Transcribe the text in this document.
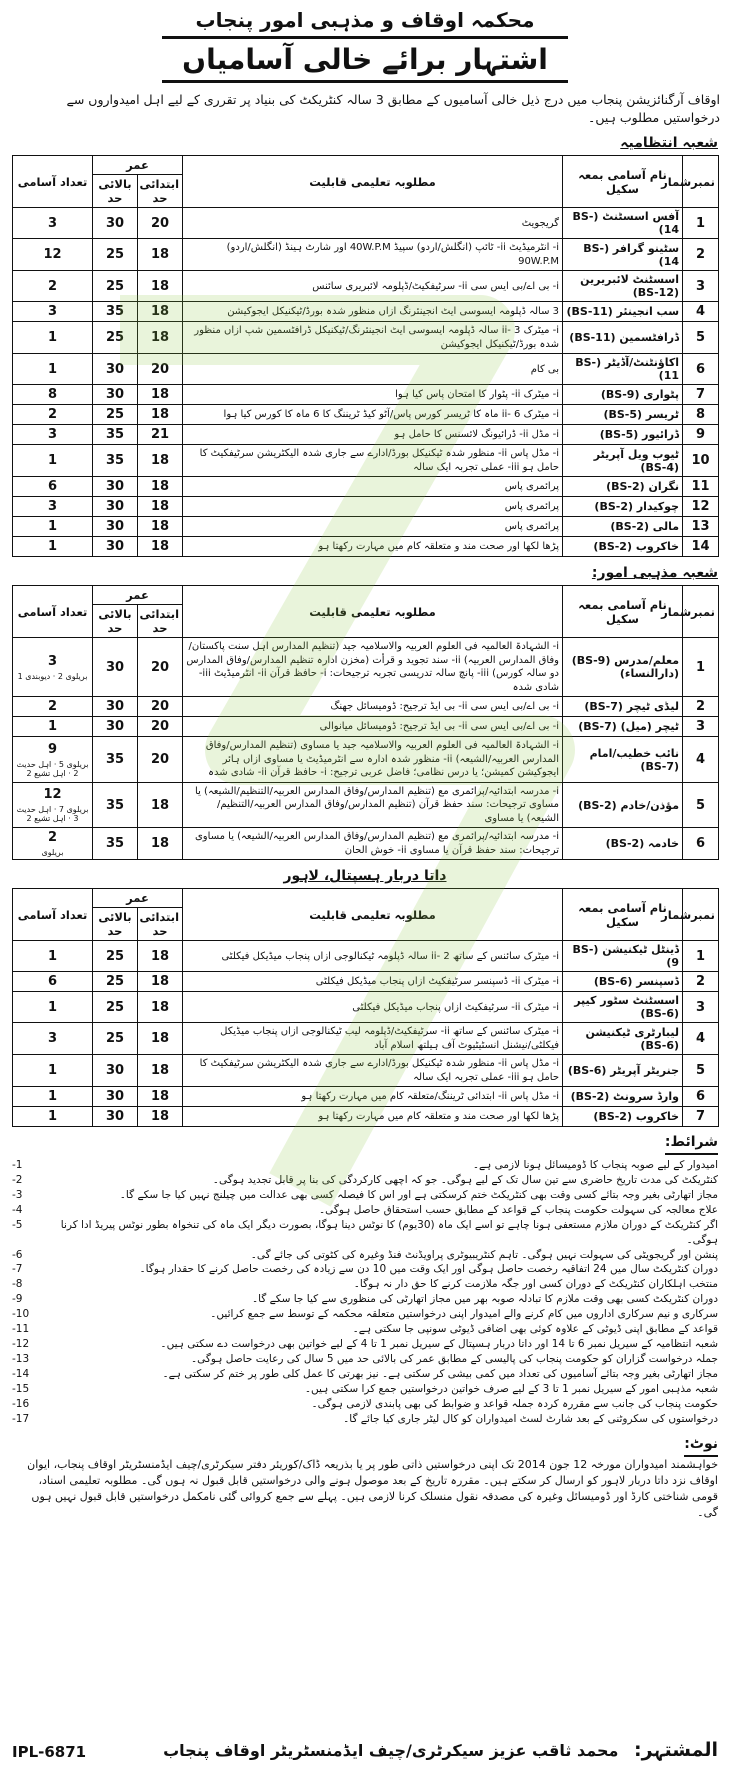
محکمہ اوقاف و مذہبی امور پنجاب
اشتہار برائے خالی آسامیاں
اوقاف آرگنائزیشن پنجاب میں درج ذیل خالی آسامیوں کے مطابق 3 سالہ کنٹریکٹ کی بنیاد پر تقرری کے لیے اہل امیدواروں سے درخواستیں مطلوب ہیں۔
شعبہ انتظامیہ
نمبرشمار	نام آسامی بمعہ سکیل	مطلوبہ تعلیمی قابلیت	عمر		تعداد آسامی
			ابتدائی حد	بالائی حد	
1	آفس اسسٹنٹ (BS-14)	گریجویٹ	20	30	3
2	سٹینو گرافر (BS-14)	i- انٹرمیڈیٹ ii- ٹائپ (انگلش/اردو) سپیڈ 40W.P.M اور شارٹ ہینڈ (انگلش/اردو) 90W.P.M	18	25	12
3	اسسٹنٹ لائبریرین (BS-12)	i- بی اے/بی ایس سی ii- سرٹیفکیٹ/ڈپلومہ لائبریری سائنس	18	25	2
4	سب انجینئر (BS-11)	3 سالہ ڈپلومہ ایسوسی ایٹ انجینئرنگ ازاں منظور شدہ بورڈ/ٹیکنیکل ایجوکیشن	18	35	3
5	ڈرافٹسمین (BS-11)	i- میٹرک ii- 3 سالہ ڈپلومہ ایسوسی ایٹ انجینئرنگ/ٹیکنیکل ڈرافٹسمین شپ ازاں منظور شدہ بورڈ/ٹیکنیکل ایجوکیشن	18	25	1
6	اکاؤنٹنٹ/آڈیٹر (BS-11)	بی کام	20	30	1
7	پٹواری (BS-9)	i- میٹرک ii- پٹوار کا امتحان پاس کیا ہوا	18	30	8
8	ٹریسر (BS-5)	i- میٹرک ii- 6 ماہ کا ٹریسر کورس پاس/آٹو کیڈ ٹریننگ کا 6 ماہ کا کورس کیا ہوا	18	25	2
9	ڈرائیور (BS-5)	i- مڈل ii- ڈرائیونگ لائسنس کا حامل ہو	21	35	3
10	ٹیوب ویل آپریٹر (BS-4)	i- مڈل پاس ii- منظور شدہ ٹیکنیکل بورڈ/ادارے سے جاری شدہ الیکٹریشن سرٹیفکیٹ کا حامل ہو iii- عملی تجربہ ایک سالہ	18	35	1
11	نگران (BS-2)	پرائمری پاس	18	30	6
12	چوکیدار (BS-2)	پرائمری پاس	18	30	3
13	مالی (BS-2)	پرائمری پاس	18	30	1
14	خاکروب (BS-2)	پڑھا لکھا اور صحت مند و متعلقہ کام میں مہارت رکھتا ہو	18	30	1
شعبہ مذہبی امور:
نمبرشمار	نام آسامی بمعہ سکیل	مطلوبہ تعلیمی قابلیت	عمر		تعداد آسامی
			ابتدائی حد	بالائی حد	
1	معلم/مدرس (BS-9) (دارالنساء)	i- الشہادۃ العالمیہ فی العلوم العربیہ والاسلامیہ جید (تنظیم المدارس اہل سنت پاکستان/وفاق المدارس العربیہ) ii- سند تجوید و قرأت (مخزن ادارہ تنظیم المدارس/وفاق المدارس دو سالہ کورس) iii- پانچ سالہ تدریسی تجربہ ترجیحات: i- حافظ قرآن ii- انٹرمیڈیٹ iii- شادی شدہ	20	30	3
بریلوی 2 · دیوبندی 1

2	لیڈی ٹیچر (BS-7)	i- بی اے/بی ایس سی ii- بی ایڈ ترجیح: ڈومیسائل جھنگ	20	30	2
3	ٹیچر (میل) (BS-7)	i- بی اے/بی ایس سی ii- بی ایڈ ترجیح: ڈومیسائل میانوالی	20	30	1
4	نائب خطیب/امام (BS-7)	i- الشہادۃ العالمیہ فی العلوم العربیہ والاسلامیہ جید یا مساوی (تنظیم المدارس/وفاق المدارس العربیہ/الشیعہ) ii- منظور شدہ ادارہ سے انٹرمیڈیٹ یا مساوی ازاں ہائر ایجوکیشن کمیشن؛ یا درس نظامی؛ فاضل عربی ترجیح: i- حافظ قرآن ii- شادی شدہ	20	35	9
بریلوی 5 · اہل حدیث 2 · اہل تشیع 2

5	مؤذن/خادم (BS-2)	i- مدرسہ ابتدائیہ/پرائمری مع (تنظیم المدارس/وفاق المدارس العربیہ/التنظیم/الشیعہ) یا مساوی ترجیحات: سند حفظ قرآن (تنظیم المدارس/وفاق المدارس العربیہ/التنظیم/الشیعہ) یا مساوی	18	35	12
بریلوی 7 · اہل حدیث 3 · اہل تشیع 2

6	خادمہ (BS-2)	i- مدرسہ ابتدائیہ/پرائمری مع (تنظیم المدارس/وفاق المدارس العربیہ/الشیعہ) یا مساوی ترجیحات: سند حفظ قرآن یا مساوی ii- خوش الحان	18	35	2
بریلوی
داتا دربار ہسپتال، لاہور
نمبرشمار	نام آسامی بمعہ سکیل	مطلوبہ تعلیمی قابلیت	عمر		تعداد آسامی
			ابتدائی حد	بالائی حد	
1	ڈینٹل ٹیکنیشن (BS-9)	i- میٹرک سائنس کے ساتھ ii- 2 سالہ ڈپلومہ ٹیکنالوجی ازاں پنجاب میڈیکل فیکلٹی	18	25	1
2	ڈسپنسر (BS-6)	i- میٹرک ii- ڈسپنسر سرٹیفکیٹ ازاں پنجاب میڈیکل فیکلٹی	18	25	6
3	اسسٹنٹ سٹور کیپر (BS-6)	i- میٹرک ii- سرٹیفکیٹ ازاں پنجاب میڈیکل فیکلٹی	18	25	1
4	لیبارٹری ٹیکنیشن (BS-6)	i- میٹرک سائنس کے ساتھ ii- سرٹیفکیٹ/ڈپلومہ لیب ٹیکنالوجی ازاں پنجاب میڈیکل فیکلٹی/نیشنل انسٹیٹیوٹ آف ہیلتھ اسلام آباد	18	25	3
5	جنریٹر آپریٹر (BS-6)	i- مڈل پاس ii- منظور شدہ ٹیکنیکل بورڈ/ادارے سے جاری شدہ الیکٹریشن سرٹیفکیٹ کا حامل ہو iii- عملی تجربہ ایک سالہ	18	30	1
6	وارڈ سرونٹ (BS-2)	i- مڈل پاس ii- ابتدائی ٹریننگ/متعلقہ کام میں مہارت رکھتا ہو	18	30	1
7	خاکروب (BS-2)	پڑھا لکھا اور صحت مند و متعلقہ کام میں مہارت رکھتا ہو	18	30	1
شرائط:
امیدوار کے لیے صوبہ پنجاب کا ڈومیسائل ہونا لازمی ہے۔
-1
کنٹریکٹ کی مدت تاریخ حاضری سے تین سال تک کے لیے ہوگی۔ جو کہ اچھی کارکردگی کی بنا پر قابل تجدید ہوگی۔
-2
مجاز اتھارٹی بغیر وجہ بتائے کسی وقت بھی کنٹریکٹ ختم کرسکتی ہے اور اس کا فیصلہ کسی بھی عدالت میں چیلنج نہیں کیا جا سکے گا۔
-3
علاج معالجہ کی سہولت حکومت پنجاب کے قواعد کے مطابق حسب استحقاق حاصل ہوگی۔
-4
اگر کنٹریکٹ کے دوران ملازم مستعفی ہونا چاہے تو اسے ایک ماہ (30یوم) کا نوٹس دینا ہوگا، بصورت دیگر ایک ماہ کی تنخواہ بطور نوٹس پیریڈ ادا کرنا ہوگی۔
-5
پنشن اور گریجویٹی کی سہولت نہیں ہوگی۔ تاہم کنٹریبیوٹری پراویڈنٹ فنڈ وغیرہ کی کٹوتی کی جائے گی۔
-6
دوران کنٹریکٹ سال میں 24 اتفاقیہ رخصت حاصل ہوگی اور ایک وقت میں 10 دن سے زیادہ کی رخصت حاصل کرنے کا حقدار ہوگا۔
-7
منتخب اہلکاران کنٹریکٹ کے دوران کسی اور جگہ ملازمت کرنے کا حق دار نہ ہوگا۔
-8
دوران کنٹریکٹ کسی بھی وقت ملازم کا تبادلہ صوبہ بھر میں مجاز اتھارٹی کی منظوری سے کیا جا سکے گا۔
-9
سرکاری و نیم سرکاری اداروں میں کام کرنے والے امیدوار اپنی درخواستیں متعلقہ محکمہ کے توسط سے جمع کرائیں۔
-10
قواعد کے مطابق اپنی ڈیوٹی کے علاوہ کوئی بھی اضافی ڈیوٹی سونپی جا سکتی ہے۔
-11
شعبہ انتظامیہ کے سیریل نمبر 6 تا 14 اور داتا دربار ہسپتال کے سیریل نمبر 1 تا 4 کے لیے خواتین بھی درخواست دے سکتی ہیں۔
-12
جملہ درخواست گزاران کو حکومت پنجاب کی پالیسی کے مطابق عمر کی بالائی حد میں 5 سال کی رعایت حاصل ہوگی۔
-13
مجاز اتھارٹی بغیر وجہ بتائے آسامیوں کی تعداد میں کمی بیشی کر سکتی ہے۔ نیز بھرتی کا عمل کلی طور پر ختم کر سکتی ہے۔
-14
شعبہ مذہبی امور کے سیریل نمبر 1 تا 3 کے لیے صرف خواتین درخواستیں جمع کرا سکتی ہیں۔
-15
حکومت پنجاب کی جانب سے مقررہ کردہ جملہ قواعد و ضوابط کی بھی پابندی لازمی ہوگی۔
-16
درخواستوں کی سکروٹنی کے بعد شارٹ لسٹ امیدواران کو کال لیٹر جاری کیا جائے گا۔
-17
نوٹ:
خواہشمند امیدواران مورخہ 12 جون 2014 تک اپنی درخواستیں ذاتی طور پر یا بذریعہ ڈاک/کوریئر دفتر سیکرٹری/چیف ایڈمنسٹریٹر اوقاف پنجاب، ایوان اوقاف نزد داتا دربار لاہور کو ارسال کر سکتے ہیں۔ مقررہ تاریخ کے بعد موصول ہونے والی درخواستیں قابل قبول نہ ہوں گی۔ مطلوبہ تعلیمی اسناد، قومی شناختی کارڈ اور ڈومیسائل وغیرہ کی مصدقہ نقول منسلک کرنا لازمی ہیں۔ پہلے سے جمع کروائی گئی نامکمل درخواستیں قابل قبول نہیں ہوں گی۔
IPL-6871	المشتہر: محمد ثاقب عزیز سیکرٹری/چیف ایڈمنسٹریٹر اوقاف پنجاب
